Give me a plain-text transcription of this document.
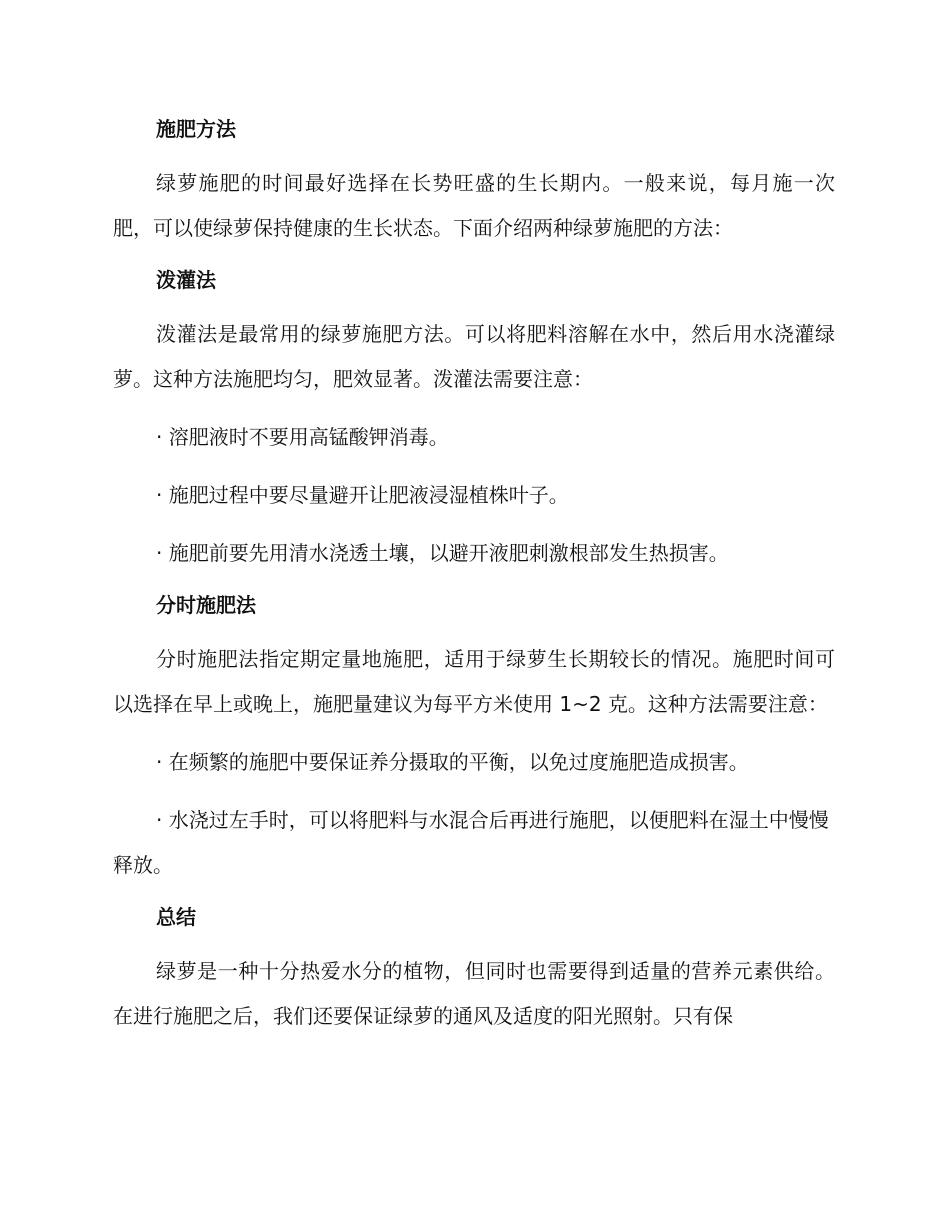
施肥方法

绿萝施肥的时间最好选择在长势旺盛的生长期内。一般来说，每月施一次肥，可以使绿萝保持健康的生长状态。下面介绍两种绿萝施肥的方法：

泼灌法

泼灌法是最常用的绿萝施肥方法。可以将肥料溶解在水中，然后用水浇灌绿萝。这种方法施肥均匀，肥效显著。泼灌法需要注意：

· 溶肥液时不要用高锰酸钾消毒。

· 施肥过程中要尽量避开让肥液浸湿植株叶子。

· 施肥前要先用清水浇透土壤，以避开液肥刺激根部发生热损害。

分时施肥法

分时施肥法指定期定量地施肥，适用于绿萝生长期较长的情况。施肥时间可以选择在早上或晚上，施肥量建议为每平方米使用 1~2 克。这种方法需要注意：

· 在频繁的施肥中要保证养分摄取的平衡，以免过度施肥造成损害。

· 水浇过左手时，可以将肥料与水混合后再进行施肥，以便肥料在湿土中慢慢释放。

总结

绿萝是一种十分热爱水分的植物，但同时也需要得到适量的营养元素供给。在进行施肥之后，我们还要保证绿萝的通风及适度的阳光照射。只有保
